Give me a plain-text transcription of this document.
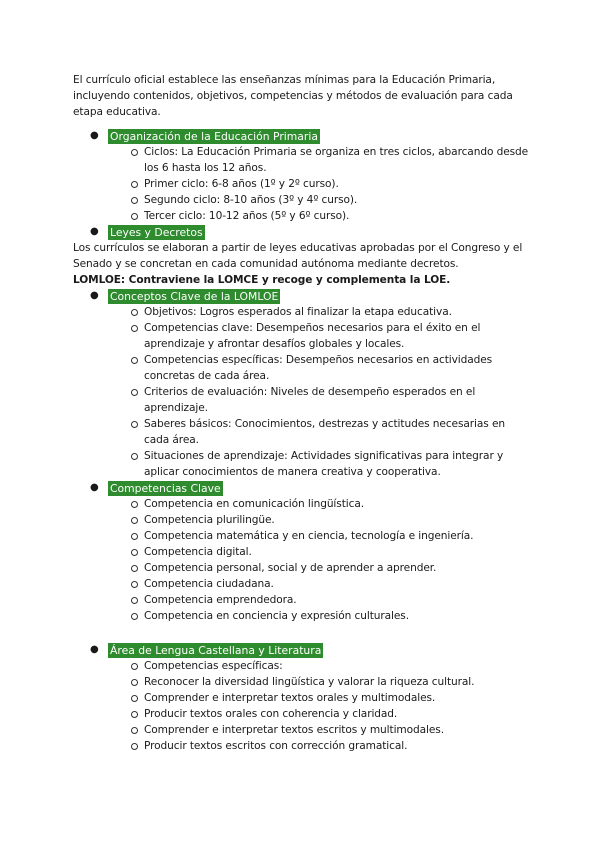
El currículo oficial establece las enseñanzas mínimas para la Educación Primaria, incluyendo contenidos, objetivos, competencias y métodos de evaluación para cada etapa educativa.

●	Organización de la Educación Primaria
Ciclos: La Educación Primaria se organiza en tres ciclos, abarcando desde los 6 hasta los 12 años.
Primer ciclo: 6-8 años (1º y 2º curso).
Segundo ciclo: 8-10 años (3º y 4º curso).
Tercer ciclo: 10-12 años (5º y 6º curso).
●	Leyes y Decretos

Los currículos se elaboran a partir de leyes educativas aprobadas por el Congreso y el Senado y se concretan en cada comunidad autónoma mediante decretos.

LOMLOE: Contraviene la LOMCE y recoge y complementa la LOE.

●	Conceptos Clave de la LOMLOE
Objetivos: Logros esperados al finalizar la etapa educativa.
Competencias clave: Desempeños necesarios para el éxito en el aprendizaje y afrontar desafíos globales y locales.
Competencias específicas: Desempeños necesarios en actividades concretas de cada área.
Criterios de evaluación: Niveles de desempeño esperados en el aprendizaje.
Saberes básicos: Conocimientos, destrezas y actitudes necesarias en cada área.
Situaciones de aprendizaje: Actividades significativas para integrar y aplicar conocimientos de manera creativa y cooperativa.
●	Competencias Clave
Competencia en comunicación lingüística.
Competencia plurilingüe.
Competencia matemática y en ciencia, tecnología e ingeniería.
Competencia digital.
Competencia personal, social y de aprender a aprender.
Competencia ciudadana.
Competencia emprendedora.
Competencia en conciencia y expresión culturales.
●	Área de Lengua Castellana y Literatura
Competencias específicas:
Reconocer la diversidad lingüística y valorar la riqueza cultural.
Comprender e interpretar textos orales y multimodales.
Producir textos orales con coherencia y claridad.
Comprender e interpretar textos escritos y multimodales.
Producir textos escritos con corrección gramatical.
